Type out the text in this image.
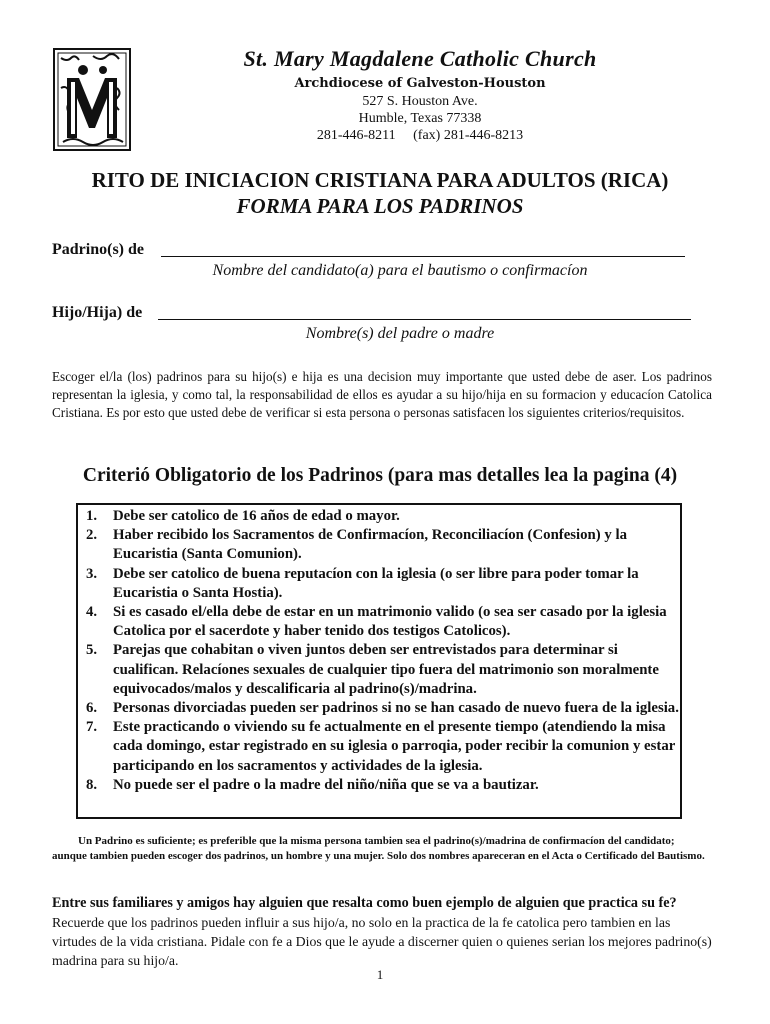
St. Mary Magdalene Catholic Church
Archdiocese of Galveston-Houston
527 S. Houston Ave.
Humble, Texas 77338
281-446-8211     (fax) 281-446-8213
RITO DE INICIACION CRISTIANA PARA ADULTOS (RICA)
FORMA PARA LOS PADRINOS
Padrino(s) de
Nombre del candidato(a) para el bautismo o confirmacíon
Hijo/Hija) de
Nombre(s) del padre o madre
Escoger el/la (los) padrinos para su hijo(s) e hija es una decision muy importante que usted debe de aser. Los padrinos representan la iglesia, y como tal, la responsabilidad de ellos es ayudar a su hijo/hija en su formacion y educacíon Catolica Cristiana. Es por esto que usted debe de verificar si esta persona o personas satisfacen los siguientes criterios/requisitos.
Criterió Obligatorio de los Padrinos (para mas detalles lea la pagina (4)
1. Debe ser catolico de 16 años de edad o mayor.
2. Haber recibido los Sacramentos de Confirmacíon, Reconciliacíon (Confesion) y la Eucaristia (Santa Comunion).
3. Debe ser catolico de buena reputacíon con la iglesia (o ser libre para poder tomar la Eucaristia o Santa Hostia).
4. Si es casado el/ella debe de estar en un matrimonio valido (o sea ser casado por la iglesia Catolica por el sacerdote y haber tenido dos testigos Catolicos).
5. Parejas que cohabitan o viven juntos deben ser entrevistados para determinar si cualifican. Relacíones sexuales de cualquier tipo fuera del matrimonio son moralmente equivocados/malos y descalificaria al padrino(s)/madrina.
6. Personas divorciadas pueden ser padrinos si no se han casado de nuevo fuera de la iglesia.
7. Este practicando o viviendo su fe actualmente en el presente tiempo (atendiendo la misa cada domingo, estar registrado en su iglesia o parroqia, poder recibir la comunion y estar participando en los sacramentos y actividades de la iglesia.
8. No puede ser el padre o la madre del niño/niña que se va a bautizar.
Un Padrino es suficiente; es preferible que la misma persona tambien sea el padrino(s)/madrina de confirmacíon del candidato; aunque tambien pueden escoger dos padrinos, un hombre y una mujer. Solo dos nombres apareceran en el Acta o Certificado del Bautismo.
Entre sus familiares y amigos hay alguien que resalta como buen ejemplo de alguien que practica su fe? Recuerde que los padrinos pueden influir a sus hijo/a, no solo en la practica de la fe catolica pero tambien en las virtudes de la vida cristiana. Pidale con fe a Dios que le ayude a discerner quien o quienes serian los mejores padrino(s) madrina para su hijo/a.
1
